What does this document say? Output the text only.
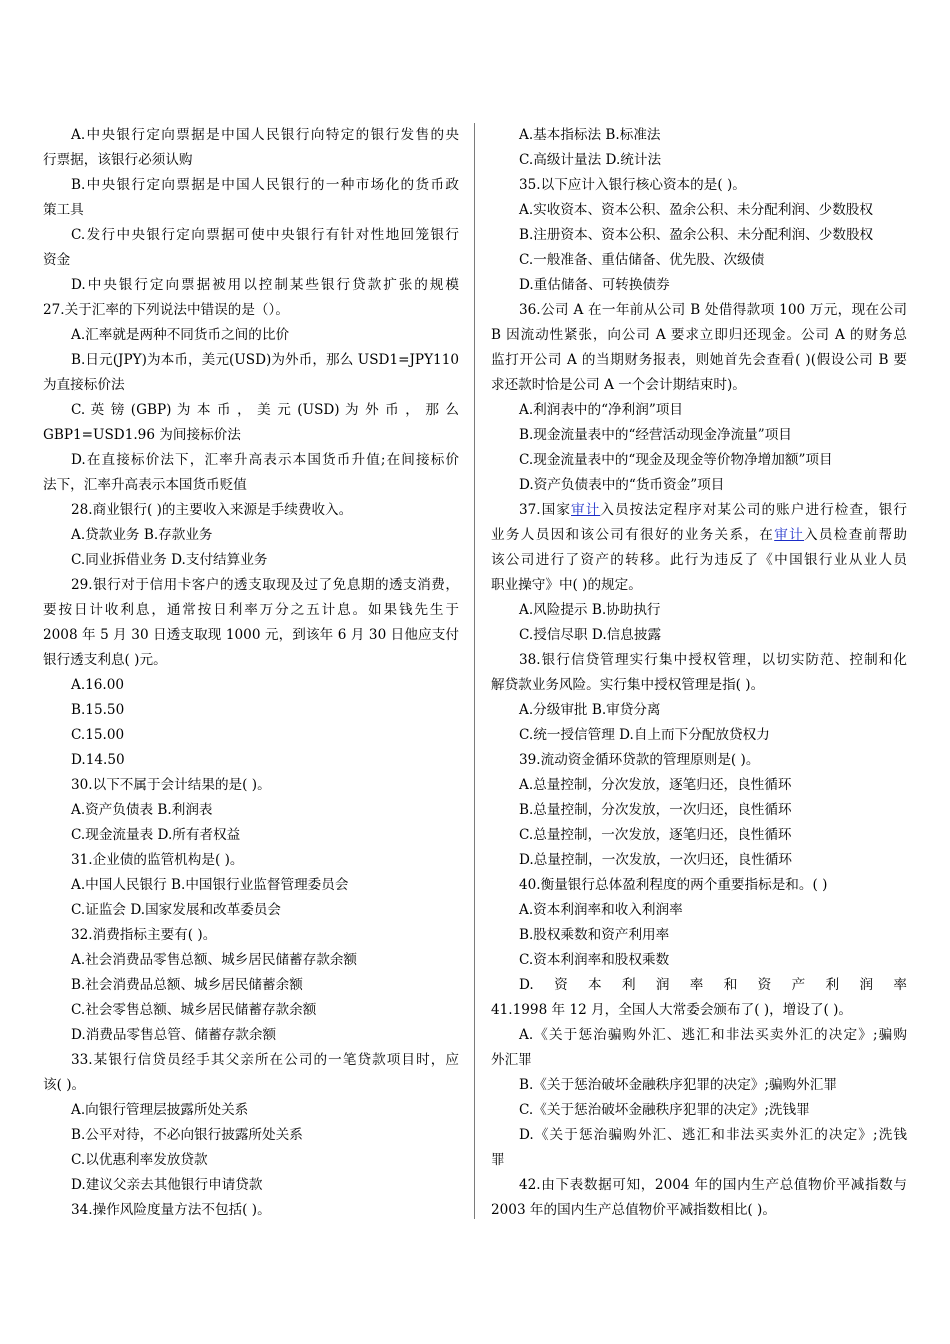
A.中央银行定向票据是中国人民银行向特定的银行发售的央
行票据，该银行必须认购
B.中央银行定向票据是中国人民银行的一种市场化的货币政
策工具
C.发行中央银行定向票据可使中央银行有针对性地回笼银行
资金
D.中央银行定向票据被用以控制某些银行贷款扩张的规模
27.关于汇率的下列说法中错误的是（）。
A.汇率就是两种不同货币之间的比价
B.日元(JPY)为本币，美元(USD)为外币，那么 USD1=JPY110
为直接标价法
C. 英 镑 (GBP) 为 本 币 ， 美 元 (USD) 为 外 币 ， 那 么
GBP1=USD1.96 为间接标价法
D.在直接标价法下，汇率升高表示本国货币升值;在间接标价
法下，汇率升高表示本国货币贬值
28.商业银行( )的主要收入来源是手续费收入。
A.贷款业务 B.存款业务
C.同业拆借业务 D.支付结算业务
29.银行对于信用卡客户的透支取现及过了免息期的透支消费，
要按日计收利息，通常按日利率万分之五计息。如果钱先生于
2008 年 5 月 30 日透支取现 1000 元，到该年 6 月 30 日他应支付
银行透支利息( )元。
A.16.00
B.15.50
C.15.00
D.14.50
30.以下不属于会计结果的是( )。
A.资产负债表 B.利润表
C.现金流量表 D.所有者权益
31.企业债的监管机构是( )。
A.中国人民银行 B.中国银行业监督管理委员会
C.证监会 D.国家发展和改革委员会
32.消费指标主要有( )。
A.社会消费品零售总额、城乡居民储蓄存款余额
B.社会消费品总额、城乡居民储蓄余额
C.社会零售总额、城乡居民储蓄存款余额
D.消费品零售总管、储蓄存款余额
33.某银行信贷员经手其父亲所在公司的一笔贷款项目时，应
该( )。
A.向银行管理层披露所处关系
B.公平对待，不必向银行披露所处关系
C.以优惠利率发放贷款
D.建议父亲去其他银行申请贷款
34.操作风险度量方法不包括( )。
A.基本指标法 B.标准法
C.高级计量法 D.统计法
35.以下应计入银行核心资本的是( )。
A.实收资本、资本公积、盈余公积、未分配利润、少数股权
B.注册资本、资本公积、盈余公积、未分配利润、少数股权
C.一般准备、重估储备、优先股、次级债
D.重估储备、可转换债券
36.公司 A 在一年前从公司 B 处借得款项 100 万元，现在公司
B 因流动性紧张，向公司 A 要求立即归还现金。公司 A 的财务总
监打开公司 A 的当期财务报表，则她首先会查看( )(假设公司 B 要
求还款时恰是公司 A 一个会计期结束时)。
A.利润表中的“净利润”项目
B.现金流量表中的“经营活动现金净流量”项目
C.现金流量表中的“现金及现金等价物净增加额”项目
D.资产负债表中的“货币资金”项目
37.国家审计入员按法定程序对某公司的账户进行检查，银行
业务人员因和该公司有很好的业务关系，在审计入员检查前帮助
该公司进行了资产的转移。此行为违反了《中国银行业从业人员
职业操守》中( )的规定。
A.风险提示 B.协助执行
C.授信尽职 D.信息披露
38.银行信贷管理实行集中授权管理，以切实防范、控制和化
解贷款业务风险。实行集中授权管理是指( )。
A.分级审批 B.审贷分离
C.统一授信管理 D.自上而下分配放贷权力
39.流动资金循环贷款的管理原则是( )。
A.总量控制，分次发放，逐笔归还，良性循环
B.总量控制，分次发放，一次归还，良性循环
C.总量控制，一次发放，逐笔归还，良性循环
D.总量控制，一次发放，一次归还，良性循环
40.衡量银行总体盈利程度的两个重要指标是和。( )
A.资本利润率和收入利润率
B.股权乘数和资产利用率
C.资本利润率和股权乘数
D.资本利润率和资产利润率
41.1998 年 12 月，全国人大常委会颁布了( )，增设了( )。
A.《关于惩治骗购外汇、逃汇和非法买卖外汇的决定》;骗购
外汇罪
B.《关于惩治破坏金融秩序犯罪的决定》;骗购外汇罪
C.《关于惩治破坏金融秩序犯罪的决定》;洗钱罪
D.《关于惩治骗购外汇、逃汇和非法买卖外汇的决定》;洗钱
罪
42.由下表数据可知，2004 年的国内生产总值物价平减指数与
2003 年的国内生产总值物价平减指数相比( )。
